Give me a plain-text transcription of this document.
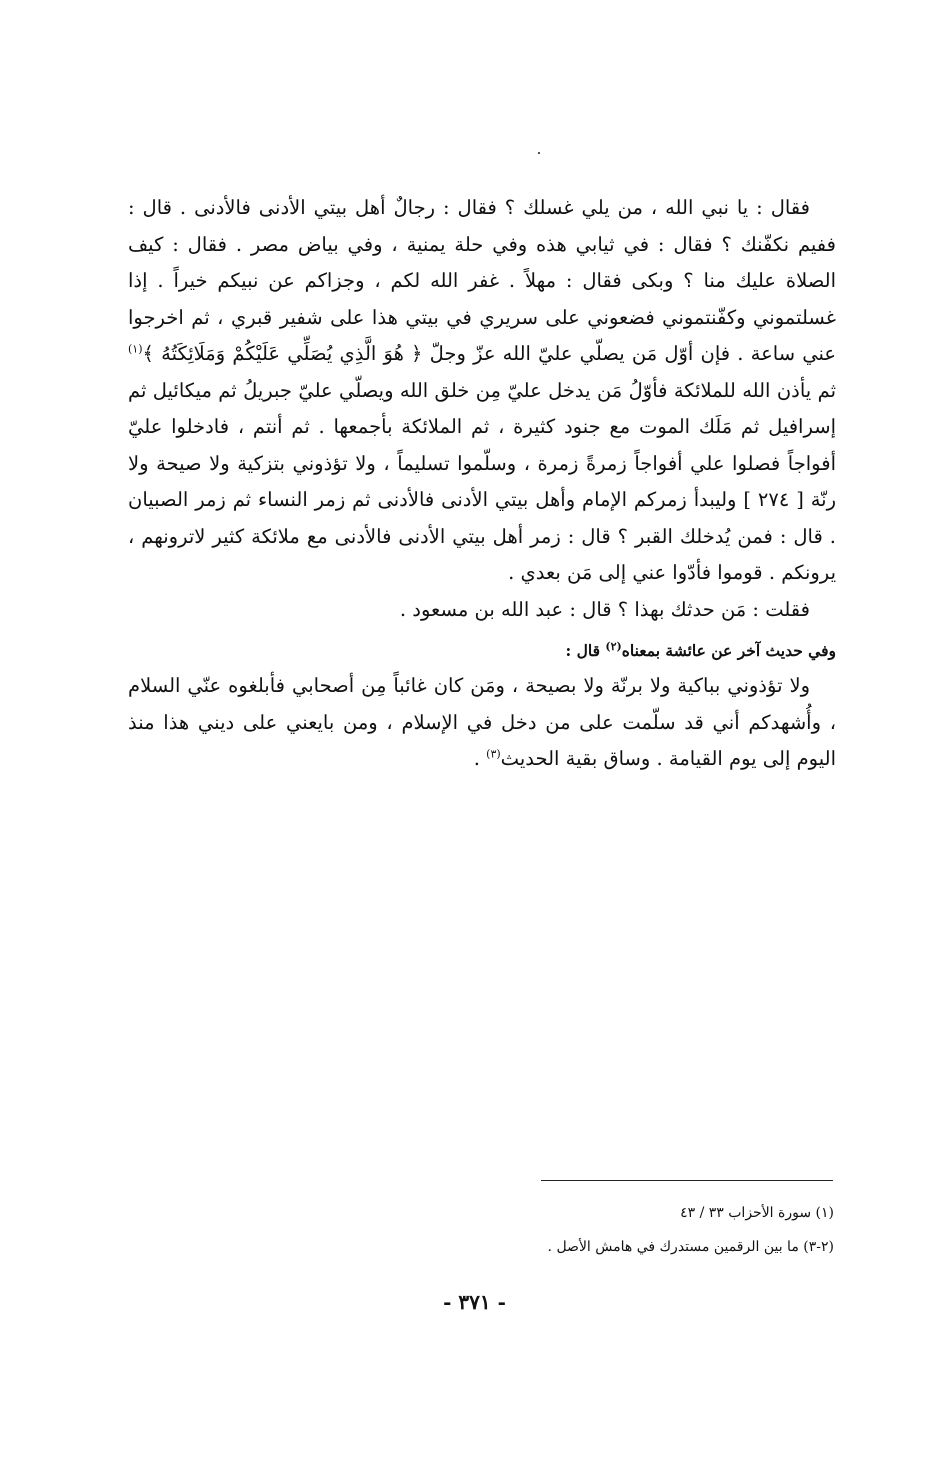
فقال : يا نبي الله ، من يلي غسلك ؟ فقال : رجالٌ أهل بيتي الأدنى فالأدنى . قال : ففيم نكفّنك ؟ فقال : في ثيابي هذه وفي حلة يمنية ، وفي بياض مصر . فقال : كيف الصلاة عليك منا ؟ وبكى فقال : مهلاً . غفر الله لكم ، وجزاكم عن نبيكم خيراً . إذا غسلتموني وكفّنتموني فضعوني على سريري في بيتي هذا على شفير قبري ، ثم اخرجوا عني ساعة . فإن أوّل مَن يصلّي عليّ الله عزّ وجلّ ﴿ هُوَ الَّذِي يُصَلِّي عَلَيْكُمْ وَمَلَائِكَتُهُ ﴾$^{(١)}$ ثم يأذن الله للملائكة فأوّلُ مَن يدخل عليّ مِن خلق الله ويصلّي عليّ جبريلُ ثم ميكائيل ثم إسرافيل ثم مَلَك الموت مع جنود كثيرة ، ثم الملائكة بأجمعها . ثم أنتم ، فادخلوا عليّ أفواجاً فصلوا علي أفواجاً زمرةً زمرة ، وسلّموا تسليماً ، ولا تؤذوني بتزكية ولا صيحة ولا رنّة [ ٢٧٤ ] وليبدأ زمركم الإمام وأهل بيتي الأدنى فالأدنى ثم زمر النساء ثم زمر الصبيان . قال : فمن يُدخلك القبر ؟ قال : زمر أهل بيتي الأدنى فالأدنى مع ملائكة كثير لاترونهم ، يرونكم . قوموا فأدّوا عني إلى مَن بعدي .

فقلت : مَن حدثك بهذا ؟ قال : عبد الله بن مسعود .

وفي حديث آخر عن عائشة بمعناه$^{(٢)}$ قال :

ولا تؤذوني بباكية ولا برنّة ولا بصيحة ، ومَن كان غائباً مِن أصحابي فأبلغوه عنّي السلام ، وأُشهدكم أني قد سلّمت على من دخل في الإسلام ، ومن بايعني على ديني هذا منذ اليوم إلى يوم القيامة . وساق بقية الحديث$^{(٣)}$ .

(١) سورة الأحزاب ٣٣ / ٤٣

(٢-٣) ما بين الرقمين مستدرك في هامش الأصل .

- ٣٧١ -
